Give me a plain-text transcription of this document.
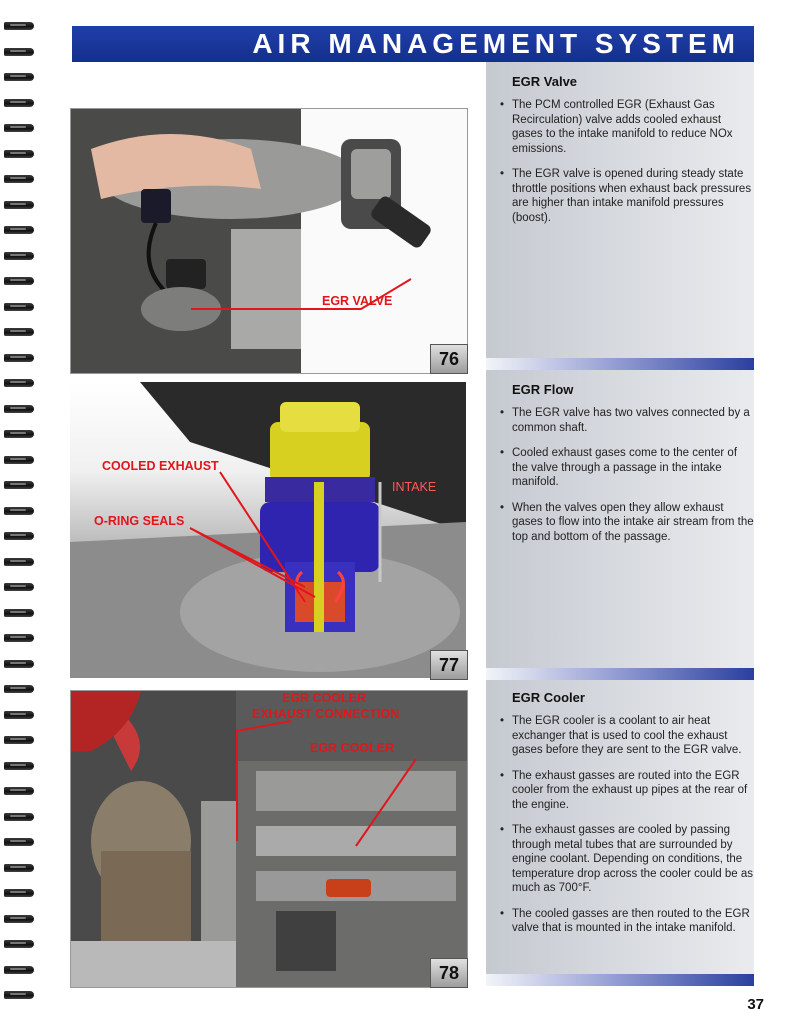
AIR MANAGEMENT SYSTEM
EGR Valve
• The PCM controlled EGR (Exhaust Gas Recirculation) valve adds cooled exhaust gases to the intake manifold to reduce NOx emissions.
• The EGR valve is opened during steady state throttle positions when exhaust back pressures are higher than intake manifold pressures (boost).
EGR Flow
• The EGR valve has two valves connected by a common shaft.
• Cooled exhaust gases come to the center of the valve through a passage in the intake manifold.
• When the valves open they allow exhaust gases to flow into the intake air stream from the top and bottom of the passage.
EGR Cooler
• The EGR cooler is a coolant to air heat exchanger that is used to cool the exhaust gases before they are sent to the EGR valve.
• The exhaust gasses are routed into the EGR cooler from the exhaust up pipes at the rear of the engine.
• The exhaust gasses are cooled by passing through metal tubes that are surrounded by engine coolant. Depending on conditions, the temperature drop across the cooler could be as much as 700°F.
• The cooled gasses are then routed to the EGR valve that is mounted in the intake manifold.
EGR VALVE
76
COOLED EXHAUST
O-RING SEALS
INTAKE
77
EGR COOLER
EXHAUST CONNECTION
EGR COOLER
78
37
